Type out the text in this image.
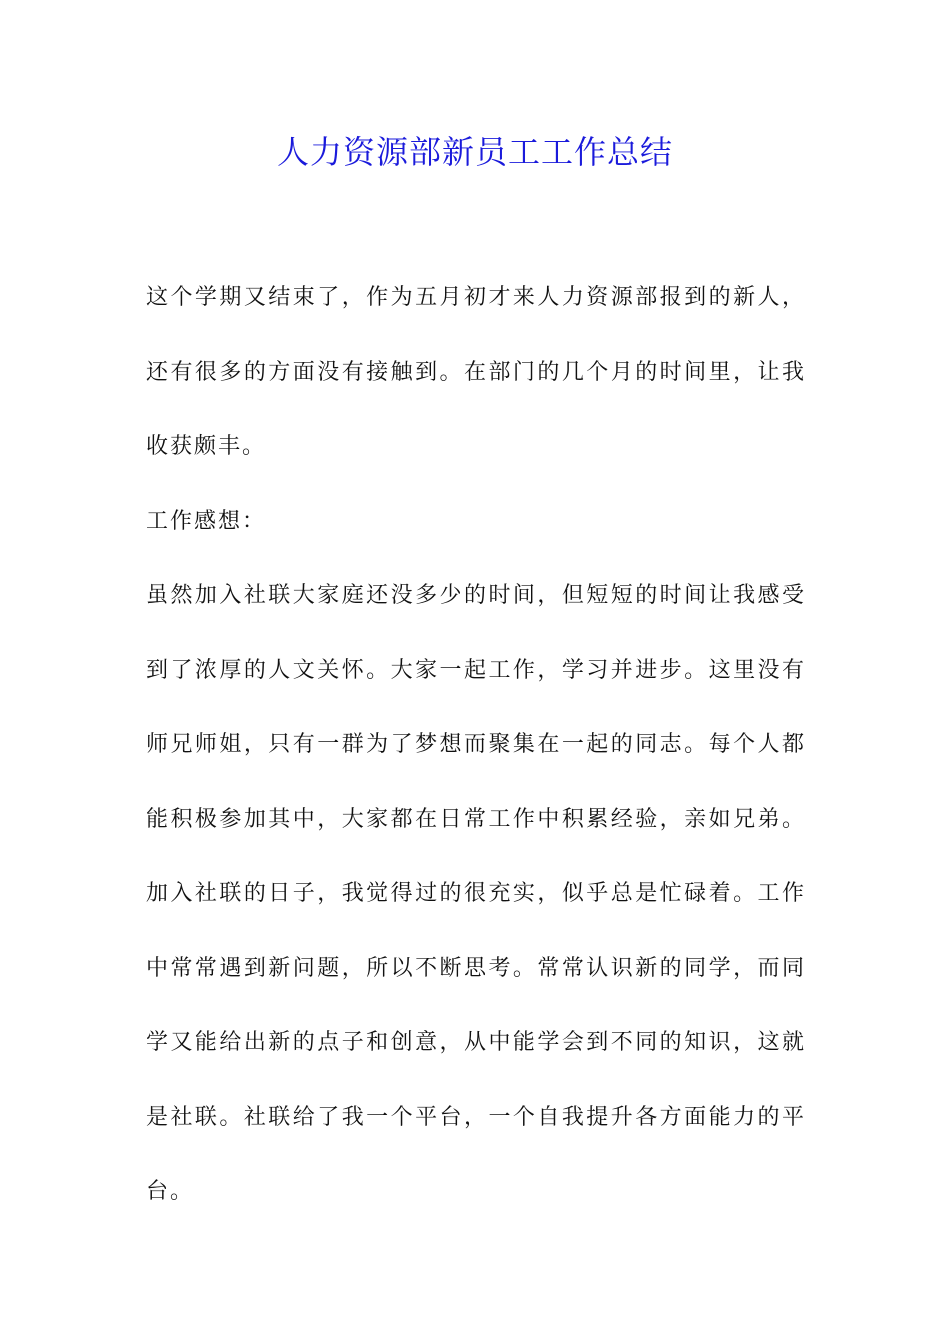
人力资源部新员工工作总结

这个学期又结束了，作为五月初才来人力资源部报到的新人，还有很多的方面没有接触到。在部门的几个月的时间里，让我收获颇丰。

工作感想：

虽然加入社联大家庭还没多少的时间，但短短的时间让我感受到了浓厚的人文关怀。大家一起工作，学习并进步。这里没有师兄师姐，只有一群为了梦想而聚集在一起的同志。每个人都能积极参加其中，大家都在日常工作中积累经验，亲如兄弟。加入社联的日子，我觉得过的很充实，似乎总是忙碌着。工作中常常遇到新问题，所以不断思考。常常认识新的同学，而同学又能给出新的点子和创意，从中能学会到不同的知识，这就是社联。社联给了我一个平台，一个自我提升各方面能力的平台。
